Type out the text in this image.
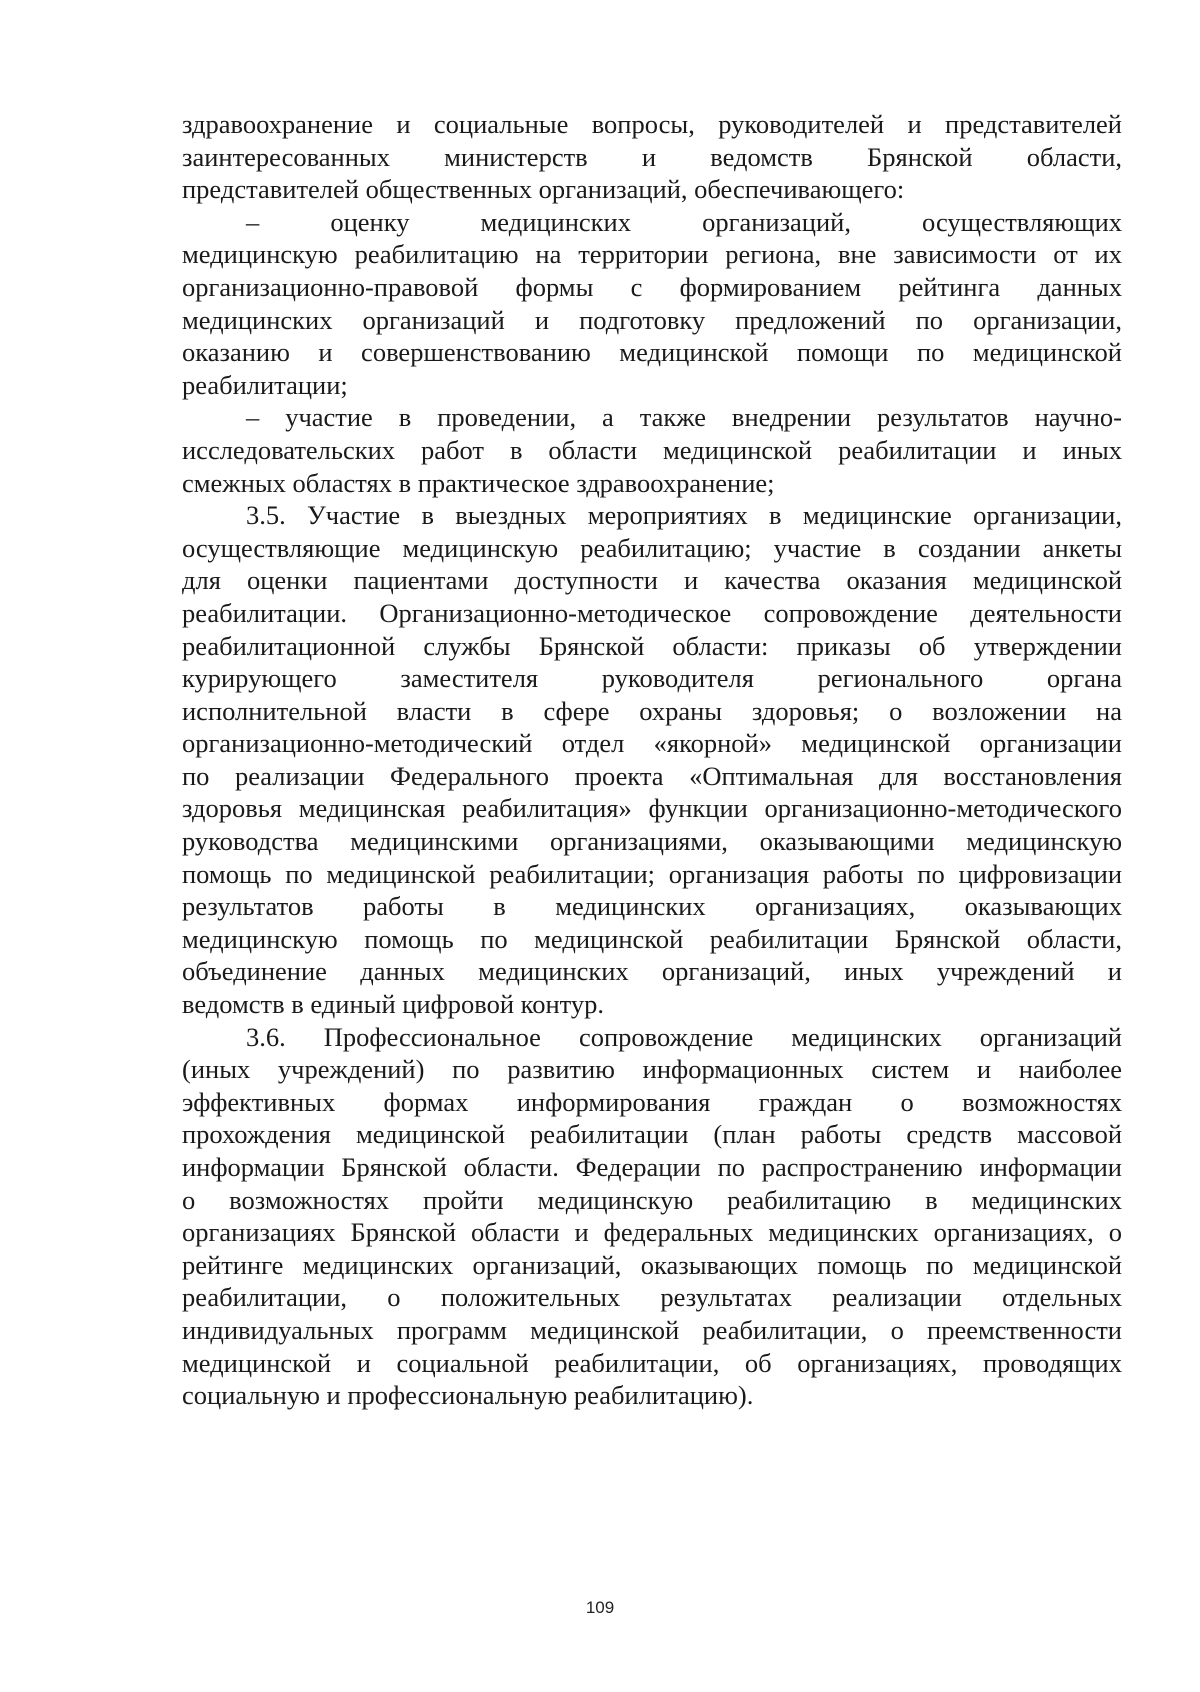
здравоохранение и социальные вопросы, руководителей и представителей
заинтересованных министерств и ведомств Брянской области,
представителей общественных организаций, обеспечивающего:
– оценку медицинских организаций, осуществляющих
медицинскую реабилитацию на территории региона, вне зависимости от их
организационно-правовой формы с формированием рейтинга данных
медицинских организаций и подготовку предложений по организации,
оказанию и совершенствованию медицинской помощи по медицинской
реабилитации;
– участие в проведении, а также внедрении результатов научно-
исследовательских работ в области медицинской реабилитации и иных
смежных областях в практическое здравоохранение;
3.5. Участие в выездных мероприятиях в медицинские организации,
осуществляющие медицинскую реабилитацию; участие в создании анкеты
для оценки пациентами доступности и качества оказания медицинской
реабилитации. Организационно-методическое сопровождение деятельности
реабилитационной службы Брянской области: приказы об утверждении
курирующего заместителя руководителя регионального органа
исполнительной власти в сфере охраны здоровья; о возложении на
организационно-методический отдел «якорной» медицинской организации
по реализации Федерального проекта «Оптимальная для восстановления
здоровья медицинская реабилитация» функции организационно-методического
руководства медицинскими организациями, оказывающими медицинскую
помощь по медицинской реабилитации; организация работы по цифровизации
результатов работы в медицинских организациях, оказывающих
медицинскую помощь по медицинской реабилитации Брянской области,
объединение данных медицинских организаций, иных учреждений и
ведомств в единый цифровой контур.
3.6. Профессиональное сопровождение медицинских организаций
(иных учреждений) по развитию информационных систем и наиболее
эффективных формах информирования граждан о возможностях
прохождения медицинской реабилитации (план работы средств массовой
информации Брянской области. Федерации по распространению информации
о возможностях пройти медицинскую реабилитацию в медицинских
организациях Брянской области и федеральных медицинских организациях, о
рейтинге медицинских организаций, оказывающих помощь по медицинской
реабилитации, о положительных результатах реализации отдельных
индивидуальных программ медицинской реабилитации, о преемственности
медицинской и социальной реабилитации, об организациях, проводящих
социальную и профессиональную реабилитацию).
109
